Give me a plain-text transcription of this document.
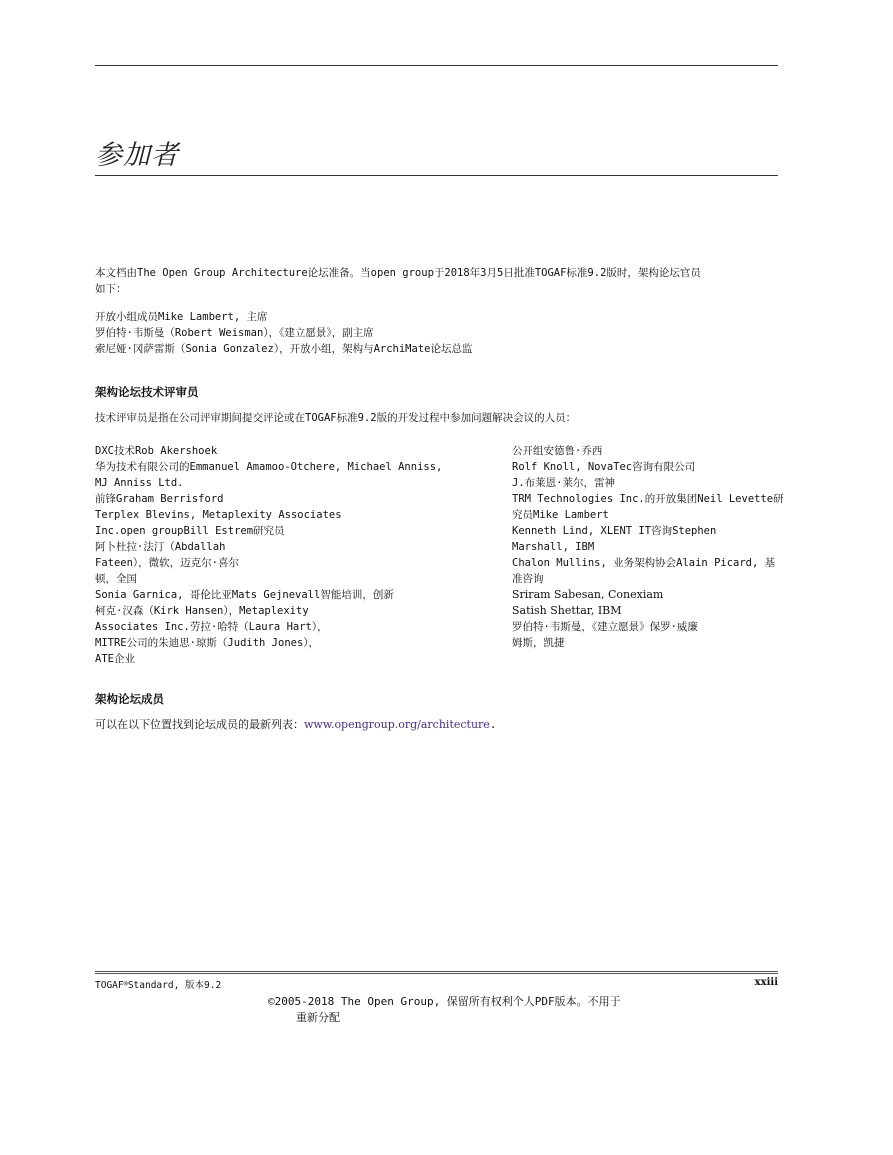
参加者
本文档由The Open Group Architecture论坛准备。当open group于2018年3月5日批准TOGAF标准9.2版时，架构论坛官员
如下：
开放小组成员Mike Lambert, 主席
罗伯特·韦斯曼（Robert Weisman），《建立愿景》，副主席
索尼娅·冈萨雷斯（Sonia Gonzalez），开放小组，架构与ArchiMate论坛总监
架构论坛技术评审员
技术评审员是指在公司评审期间提交评论或在TOGAF标准9.2版的开发过程中参加问题解决会议的人员：
DXC技术Rob Akershoek
华为技术有限公司的Emmanuel Amamoo-Otchere, Michael Anniss,
MJ Anniss Ltd.
前锋Graham Berrisford
Terplex Blevins, Metaplexity Associates
Inc.open groupBill Estrem研究员
阿卜杜拉·法汀（Abdallah
Fateen），微软，迈克尔·喜尔
顿，全国
Sonia Garnica, 哥伦比亚Mats Gejnevall智能培训，创新
柯克·汉森（Kirk Hansen），Metaplexity
Associates Inc.劳拉·哈特（Laura Hart），
MITRE公司的朱迪思·琼斯（Judith Jones），
ATE企业
公开组安德鲁·乔西
Rolf Knoll, NovaTec咨询有限公司
J.布莱恩·莱尔，雷神
TRM Technologies Inc.的开放集团Neil Levette研
究员Mike Lambert
Kenneth Lind, XLENT IT咨询Stephen
Marshall, IBM
Chalon Mullins, 业务架构协会Alain Picard, 基
准咨询
Sriram Sabesan, Conexiam
Satish Shettar, IBM
罗伯特·韦斯曼，《建立愿景》保罗·威廉
姆斯，凯捷
架构论坛成员
可以在以下位置找到论坛成员的最新列表：www.opengroup.org/architecture.
TOGAF®Standard, 版本9.2	xxiii
©2005-2018 The Open Group, 保留所有权利个人PDF版本。不用于
重新分配
